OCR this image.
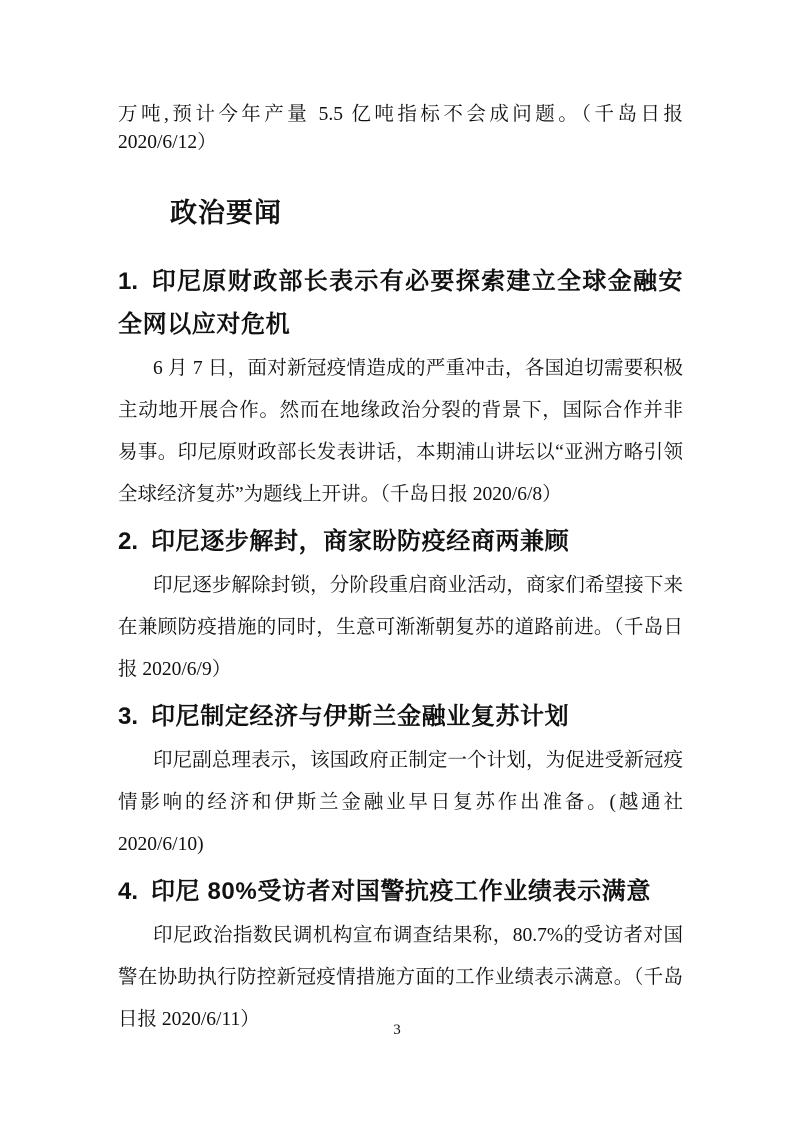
万吨,预计今年产量 5.5 亿吨指标不会成问题。（千岛日报 2020/6/12）

政治要闻
1. 印尼原财政部长表示有必要探索建立全球金融安全网以应对危机

6 月 7 日，面对新冠疫情造成的严重冲击，各国迫切需要积极主动地开展合作。然而在地缘政治分裂的背景下，国际合作并非易事。印尼原财政部长发表讲话，本期浦山讲坛以“亚洲方略引领全球经济复苏”为题线上开讲。（千岛日报 2020/6/8）

2. 印尼逐步解封，商家盼防疫经商两兼顾

印尼逐步解除封锁，分阶段重启商业活动，商家们希望接下来在兼顾防疫措施的同时，生意可渐渐朝复苏的道路前进。（千岛日报 2020/6/9）

3. 印尼制定经济与伊斯兰金融业复苏计划

印尼副总理表示，该国政府正制定一个计划，为促进受新冠疫情影响的经济和伊斯兰金融业早日复苏作出准备。(越通社 2020/6/10)

4. 印尼 80%受访者对国警抗疫工作业绩表示满意

印尼政治指数民调机构宣布调查结果称，80.7%的受访者对国警在协助执行防控新冠疫情措施方面的工作业绩表示满意。（千岛日报 2020/6/11）	3
